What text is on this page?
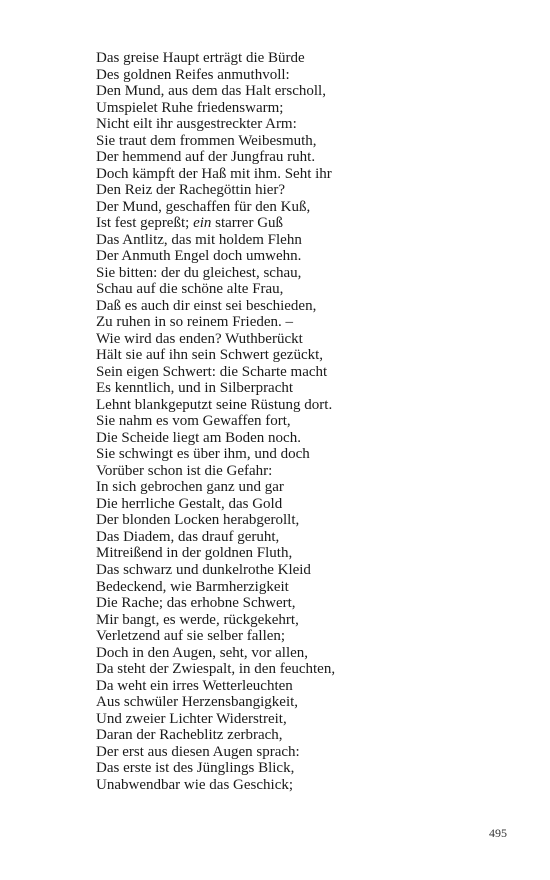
Das greise Haupt erträgt die Bürde
Des goldnen Reifes anmuthvoll:
Den Mund, aus dem das Halt erscholl,
Umspielet Ruhe friedenswarm;
Nicht eilt ihr ausgestreckter Arm:
Sie traut dem frommen Weibesmuth,
Der hemmend auf der Jungfrau ruht.
Doch kämpft der Haß mit ihm. Seht ihr
Den Reiz der Rachegöttin hier?
Der Mund, geschaffen für den Kuß,
Ist fest gepreßt; ein starrer Guß
Das Antlitz, das mit holdem Flehn
Der Anmuth Engel doch umwehn.
Sie bitten: der du gleichest, schau,
Schau auf die schöne alte Frau,
Daß es auch dir einst sei beschieden,
Zu ruhen in so reinem Frieden. –
Wie wird das enden? Wuthberückt
Hält sie auf ihn sein Schwert gezückt,
Sein eigen Schwert: die Scharte macht
Es kenntlich, und in Silberpracht
Lehnt blankgeputzt seine Rüstung dort.
Sie nahm es vom Gewaffen fort,
Die Scheide liegt am Boden noch.
Sie schwingt es über ihm, und doch
Vorüber schon ist die Gefahr:
In sich gebrochen ganz und gar
Die herrliche Gestalt, das Gold
Der blonden Locken herabgerollt,
Das Diadem, das drauf geruht,
Mitreißend in der goldnen Fluth,
Das schwarz und dunkelrothe Kleid
Bedeckend, wie Barmherzigkeit
Die Rache; das erhobne Schwert,
Mir bangt, es werde, rückgekehrt,
Verletzend auf sie selber fallen;
Doch in den Augen, seht, vor allen,
Da steht der Zwiespalt, in den feuchten,
Da weht ein irres Wetterleuchten
Aus schwüler Herzensbangigkeit,
Und zweier Lichter Widerstreit,
Daran der Racheblitz zerbrach,
Der erst aus diesen Augen sprach:
Das erste ist des Jünglings Blick,
Unabwendbar wie das Geschick;
495
